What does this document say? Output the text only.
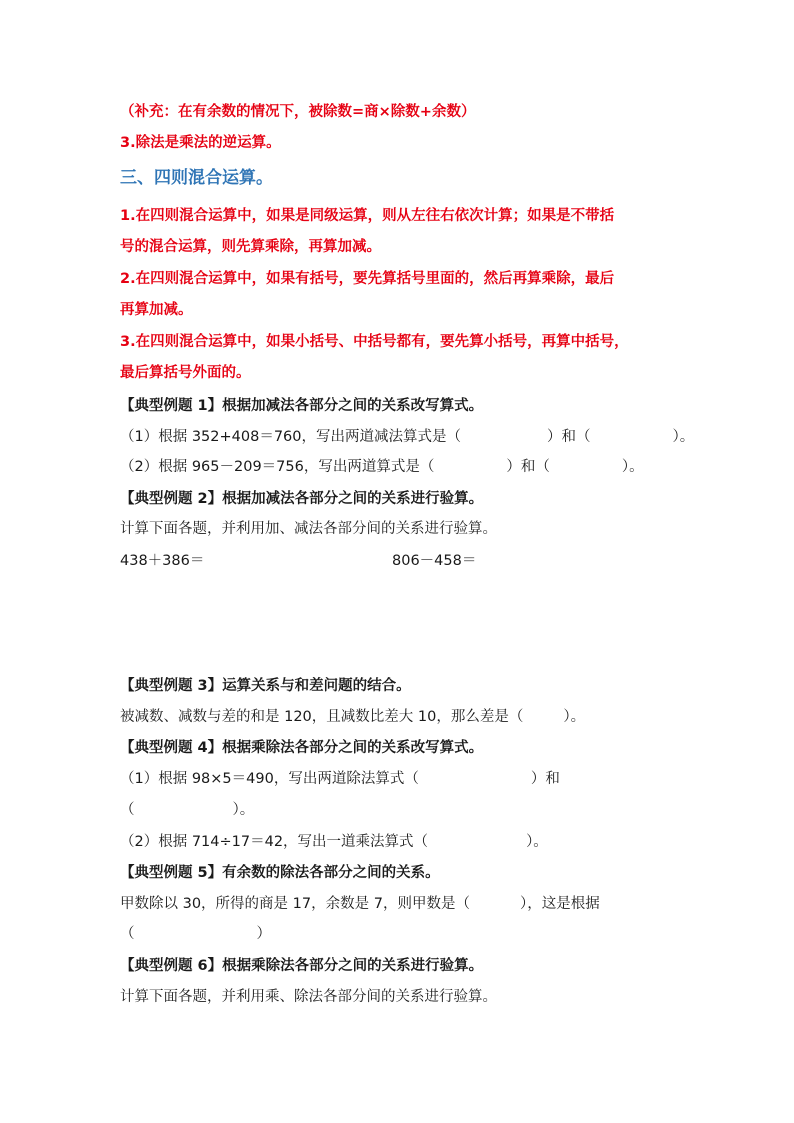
（补充：在有余数的情况下，被除数=商×除数+余数）
3.除法是乘法的逆运算。
三、四则混合运算。
1.在四则混合运算中，如果是同级运算，则从左往右依次计算；如果是不带括
号的混合运算，则先算乘除，再算加减。
2.在四则混合运算中，如果有括号，要先算括号里面的，然后再算乘除，最后
再算加减。
3.在四则混合运算中，如果小括号、中括号都有，要先算小括号，再算中括号，
最后算括号外面的。
【典型例题 1】根据加减法各部分之间的关系改写算式。
（1）根据 352+408＝760，写出两道减法算式是（	）和（	）。
（2）根据 965－209＝756，写出两道算式是（	）和（	）。
【典型例题 2】根据加减法各部分之间的关系进行验算。
计算下面各题，并利用加、减法各部分间的关系进行验算。
438＋386＝	806－458＝
【典型例题 3】运算关系与和差问题的结合。
被减数、减数与差的和是 120，且减数比差大 10，那么差是（	）。
【典型例题 4】根据乘除法各部分之间的关系改写算式。
（1）根据 98×5＝490，写出两道除法算式（	）和
（	）。
（2）根据 714÷17＝42，写出一道乘法算式（	）。
【典型例题 5】有余数的除法各部分之间的关系。
甲数除以 30，所得的商是 17，余数是 7，则甲数是（	），这是根据
（	）
【典型例题 6】根据乘除法各部分之间的关系进行验算。
计算下面各题，并利用乘、除法各部分间的关系进行验算。
